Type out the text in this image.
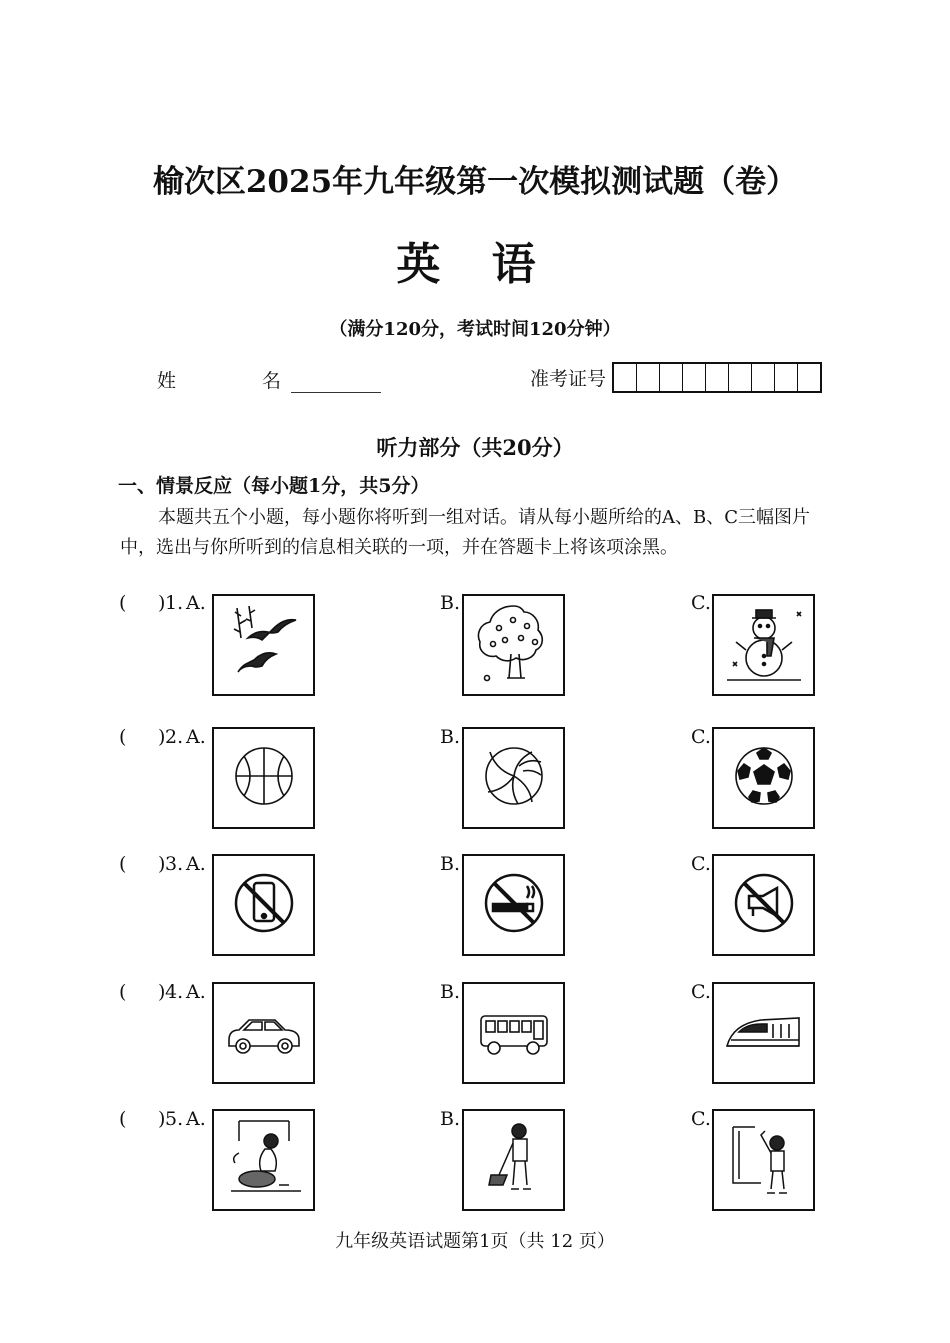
榆次区2025年九年级第一次模拟测试题（卷）
英 语
（满分120分，考试时间120分钟）
姓 名	准考证号
听力部分（共20分）
一、情景反应（每小题1分，共5分）
本题共五个小题，每小题你将听到一组对话。请从每小题所给的A、B、C三幅图片中，选出与你所听到的信息相关联的一项，并在答题卡上将该项涂黑。
( ) 1. A.	B.	C.
( ) 2. A.	B.	C.
( ) 3. A.	B.	C.
( ) 4. A.	B.	C.
( ) 5. A.	B.	C.
九年级英语试题第1页（共 12 页）
